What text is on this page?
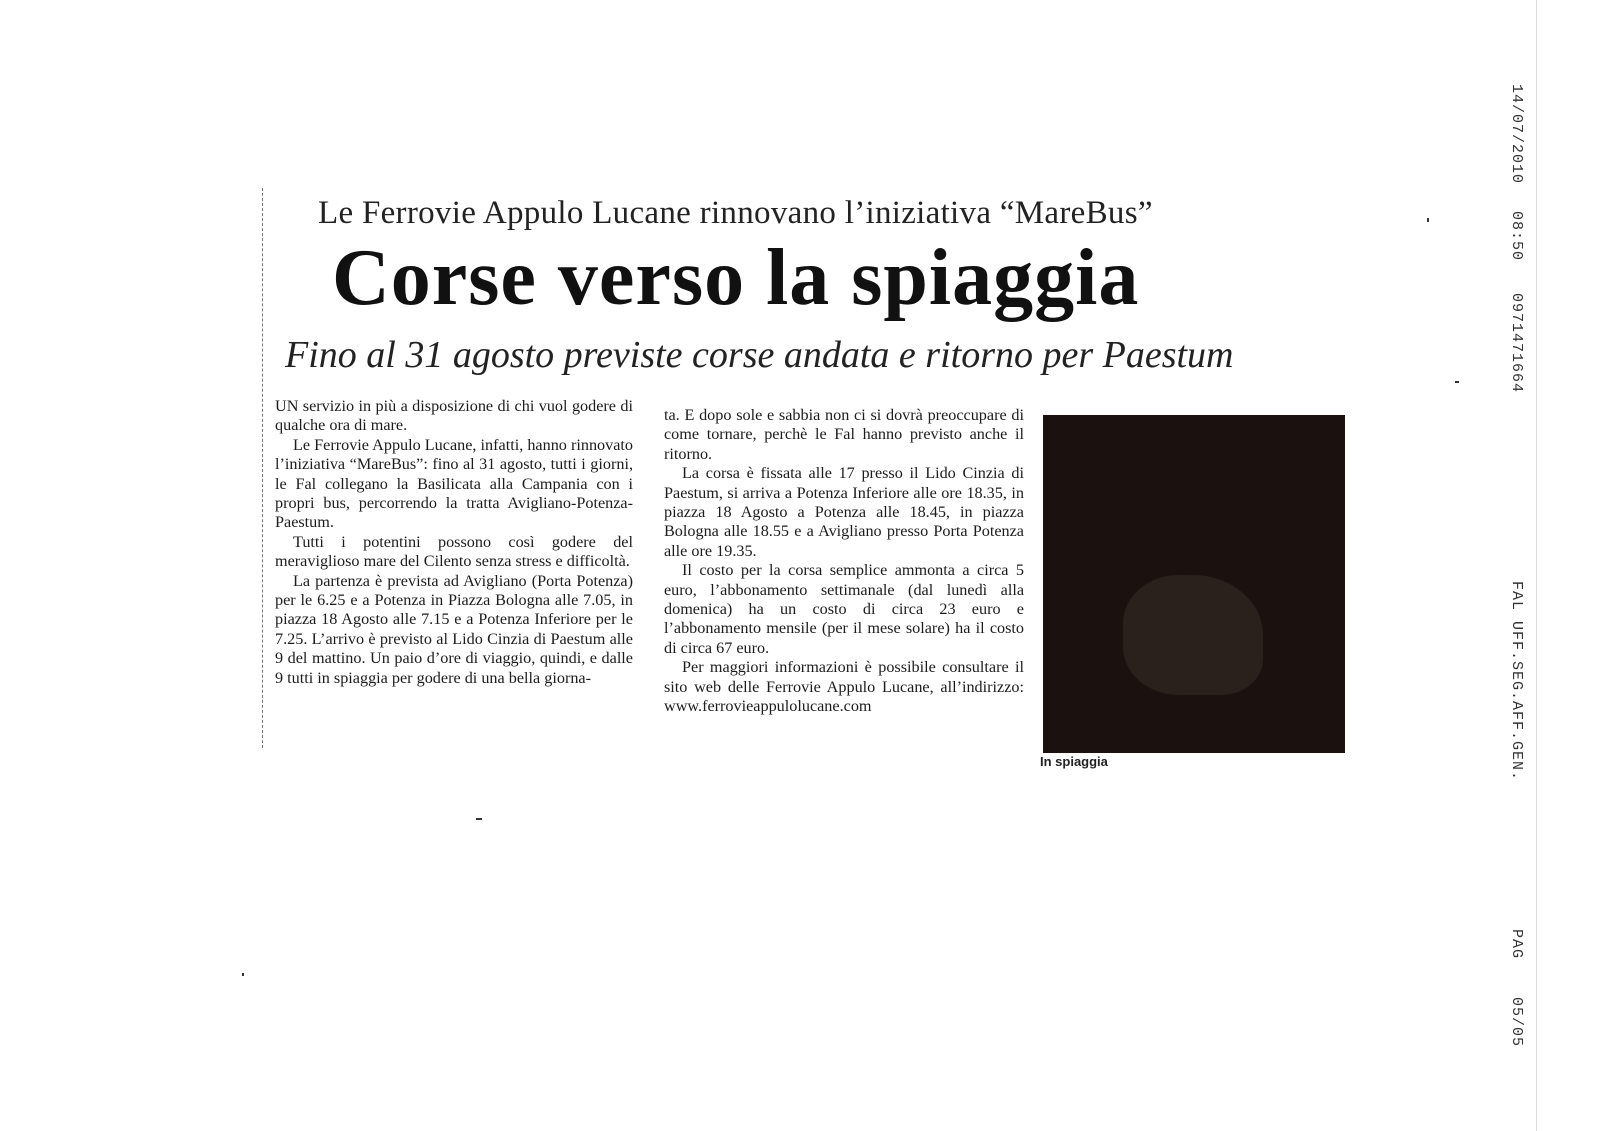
Le Ferrovie Appulo Lucane rinnovano l’iniziativa “MareBus”
Corse verso la spiaggia
Fino al 31 agosto previste corse andata e ritorno per Paestum

UN servizio in più a disposizione di chi vuol godere di qualche ora di mare.

Le Ferrovie Appulo Lucane, infatti, hanno rinnovato l’iniziativa “MareBus”: fino al 31 agosto, tutti i giorni, le Fal collegano la Basilicata alla Campania con i propri bus, percorrendo la tratta Avigliano-Potenza-Paestum.

Tutti i potentini possono così godere del meraviglioso mare del Cilento senza stress e difficoltà.

La partenza è prevista ad Avigliano (Porta Potenza) per le 6.25 e a Potenza in Piazza Bologna alle 7.05, in piazza 18 Agosto alle 7.15 e a Potenza Inferiore per le 7.25. L’arrivo è previsto al Lido Cinzia di Paestum alle 9 del mattino. Un paio d’ore di viaggio, quindi, e dalle 9 tutti in spiaggia per godere di una bella giorna-

ta. E dopo sole e sabbia non ci si dovrà preoccupare di come tornare, perchè le Fal hanno previsto anche il ritorno.

La corsa è fissata alle 17 presso il Lido Cinzia di Paestum, si arriva a Potenza Inferiore alle ore 18.35, in piazza 18 Agosto a Potenza alle 18.45, in piazza Bologna alle 18.55 e a Avigliano presso Porta Potenza alle ore 19.35.

Il costo per la corsa semplice ammonta a circa 5 euro, l’abbonamento settimanale (dal lunedì alla domenica) ha un costo di circa 23 euro e l’abbonamento mensile (per il mese solare) ha il costo di circa 67 euro.

Per maggiori informazioni è possibile consultare il sito web delle Ferrovie Appulo Lucane, all’indirizzo: www.ferrovieappulolucane.com

In spiaggia
14/07/2010
08:50
0971471664
FAL UFF.SEG.AFF.GEN.
PAG
05/05
